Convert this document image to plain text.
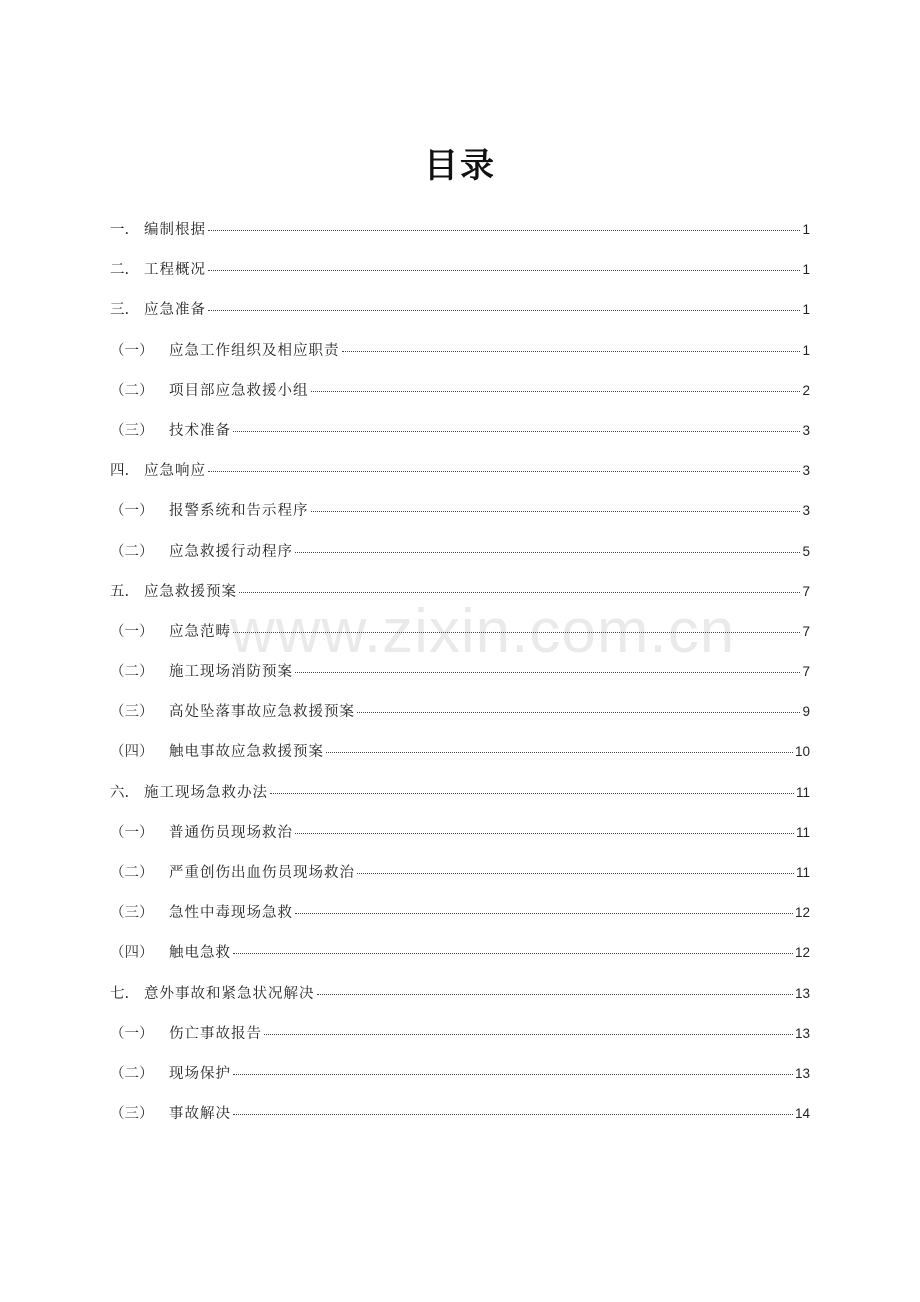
目录
www.zixin.com.cn
一.	编制根据	1
二.	工程概况	1
三.	应急准备	1
（一）	应急工作组织及相应职责	1
（二）	项目部应急救援小组	2
（三）	技术准备	3
四.	应急响应	3
（一）	报警系统和告示程序	3
（二）	应急救援行动程序	5
五.	应急救援预案	7
（一）	应急范畴	7
（二）	施工现场消防预案	7
（三）	高处坠落事故应急救援预案	9
（四）	触电事故应急救援预案	10
六.	施工现场急救办法	11
（一）	普通伤员现场救治	11
（二）	严重创伤出血伤员现场救治	11
（三）	急性中毒现场急救	12
（四）	触电急救	12
七.	意外事故和紧急状况解决	13
（一）	伤亡事故报告	13
（二）	现场保护	13
（三）	事故解决	14
